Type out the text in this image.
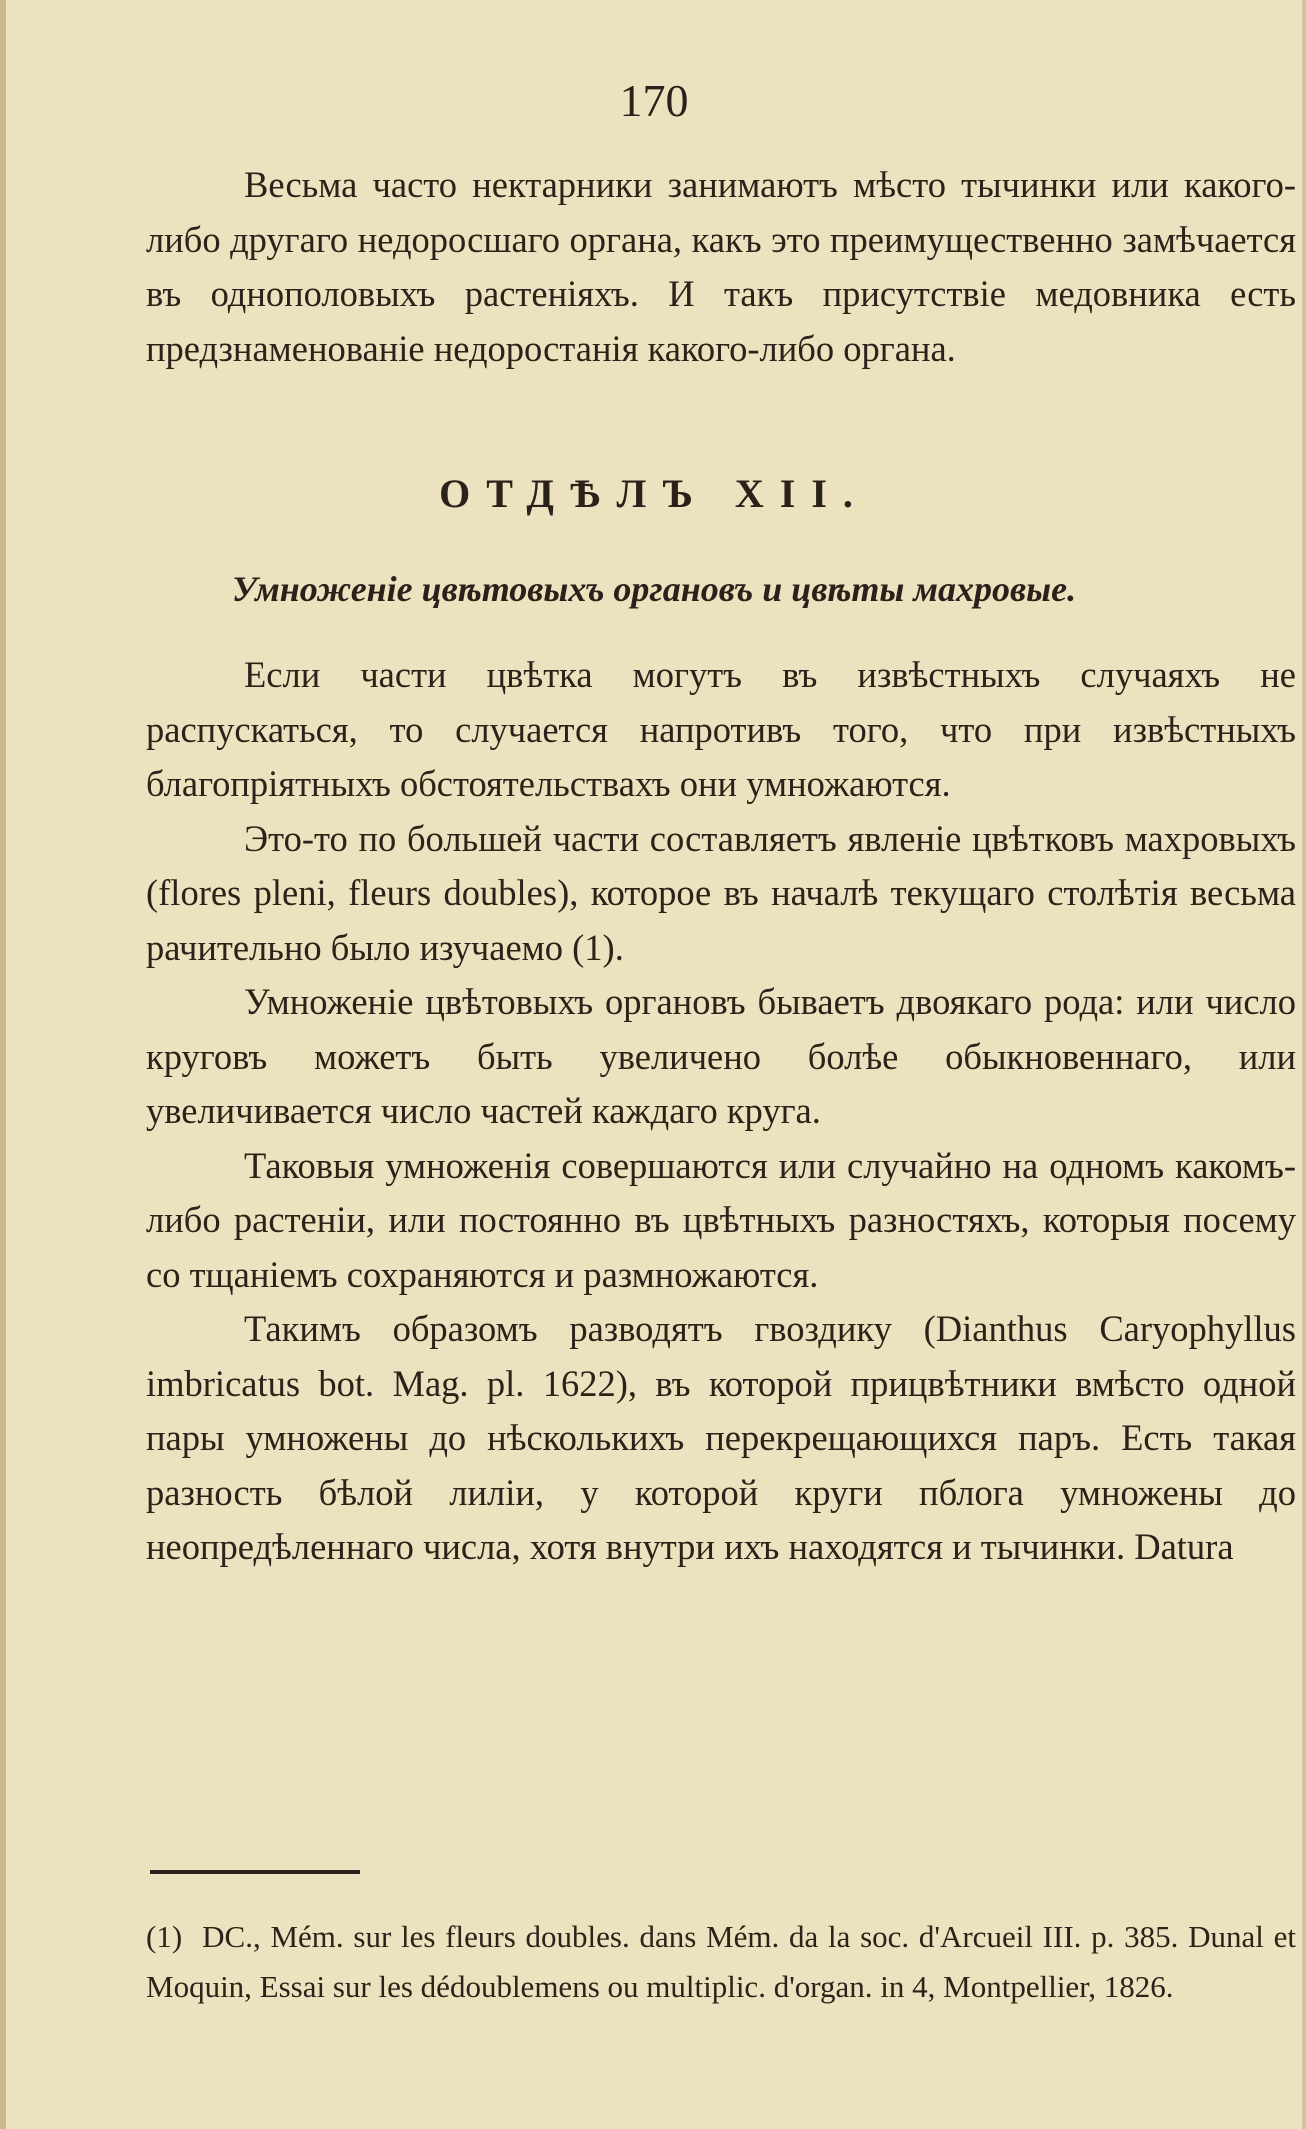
170

Весьма часто нектарники занимаютъ мѣсто тычинки или какого-либо другаго недоросшаго органа, какъ это преимущественно замѣчается въ однополовыхъ растеніяхъ. И такъ присутствіе медовника есть предзнаменованіе недоростанія какого-либо органа.

ОТДѢЛЪ XII.
Умноженіе цвѣтовыхъ органовъ и цвѣты махровые.

Если части цвѣтка могутъ въ извѣстныхъ случаяхъ не распускаться, то случается напротивъ того, что при извѣстныхъ благопріятныхъ обстоятельствахъ они умножаются.

Это-то по большей части составляетъ явленіе цвѣтковъ махровыхъ (flores pleni, fleurs doubles), которое въ началѣ текущаго столѣтія весьма рачительно было изучаемо (1).

Умноженіе цвѣтовыхъ органовъ бываетъ двоякаго рода: или число круговъ можетъ быть увеличено болѣе обыкновеннаго, или увеличивается число частей каждаго круга.

Таковыя умноженія совершаются или случайно на одномъ какомъ-либо растеніи, или постоянно въ цвѣтныхъ разностяхъ, которыя посему со тщаніемъ сохраняются и размножаются.

Такимъ образомъ разводятъ гвоздику (Dianthus Caryophyllus imbricatus bot. Mag. pl. 1622), въ которой прицвѣтники вмѣсто одной пары умножены до нѣсколькихъ перекрещающихся паръ. Есть такая разность бѣлой лиліи, у которой круги пблога умножены до неопредѣленнаго числа, хотя внутри ихъ находятся и тычинки. Datura

(1) DC., Mém. sur les fleurs doubles. dans Mém. da la soc. d'Arcueil III. p. 385. Dunal et Moquin, Essai sur les dédoublemens ou multiplic. d'organ. in 4, Montpellier, 1826.
